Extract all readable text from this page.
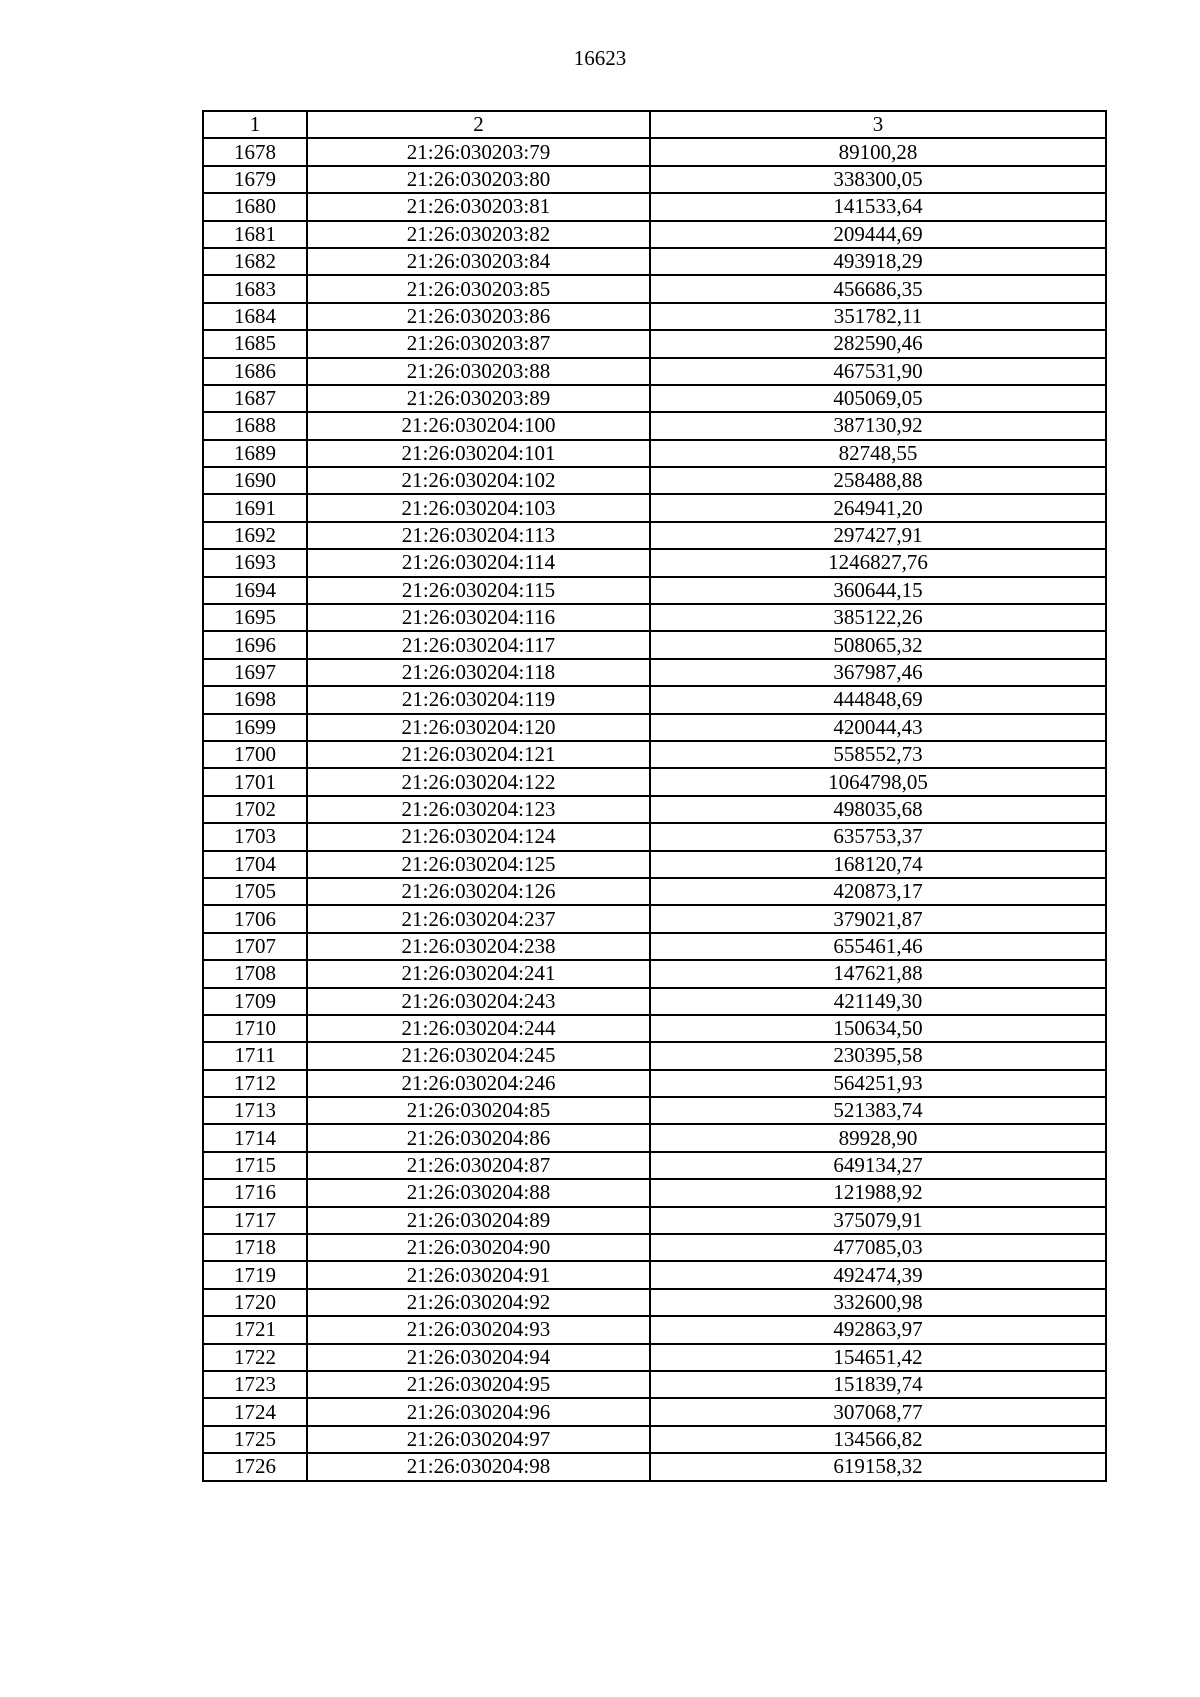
16623
1	2	3
1678	21:26:030203:79	89100,28
1679	21:26:030203:80	338300,05
1680	21:26:030203:81	141533,64
1681	21:26:030203:82	209444,69
1682	21:26:030203:84	493918,29
1683	21:26:030203:85	456686,35
1684	21:26:030203:86	351782,11
1685	21:26:030203:87	282590,46
1686	21:26:030203:88	467531,90
1687	21:26:030203:89	405069,05
1688	21:26:030204:100	387130,92
1689	21:26:030204:101	82748,55
1690	21:26:030204:102	258488,88
1691	21:26:030204:103	264941,20
1692	21:26:030204:113	297427,91
1693	21:26:030204:114	1246827,76
1694	21:26:030204:115	360644,15
1695	21:26:030204:116	385122,26
1696	21:26:030204:117	508065,32
1697	21:26:030204:118	367987,46
1698	21:26:030204:119	444848,69
1699	21:26:030204:120	420044,43
1700	21:26:030204:121	558552,73
1701	21:26:030204:122	1064798,05
1702	21:26:030204:123	498035,68
1703	21:26:030204:124	635753,37
1704	21:26:030204:125	168120,74
1705	21:26:030204:126	420873,17
1706	21:26:030204:237	379021,87
1707	21:26:030204:238	655461,46
1708	21:26:030204:241	147621,88
1709	21:26:030204:243	421149,30
1710	21:26:030204:244	150634,50
1711	21:26:030204:245	230395,58
1712	21:26:030204:246	564251,93
1713	21:26:030204:85	521383,74
1714	21:26:030204:86	89928,90
1715	21:26:030204:87	649134,27
1716	21:26:030204:88	121988,92
1717	21:26:030204:89	375079,91
1718	21:26:030204:90	477085,03
1719	21:26:030204:91	492474,39
1720	21:26:030204:92	332600,98
1721	21:26:030204:93	492863,97
1722	21:26:030204:94	154651,42
1723	21:26:030204:95	151839,74
1724	21:26:030204:96	307068,77
1725	21:26:030204:97	134566,82
1726	21:26:030204:98	619158,32
